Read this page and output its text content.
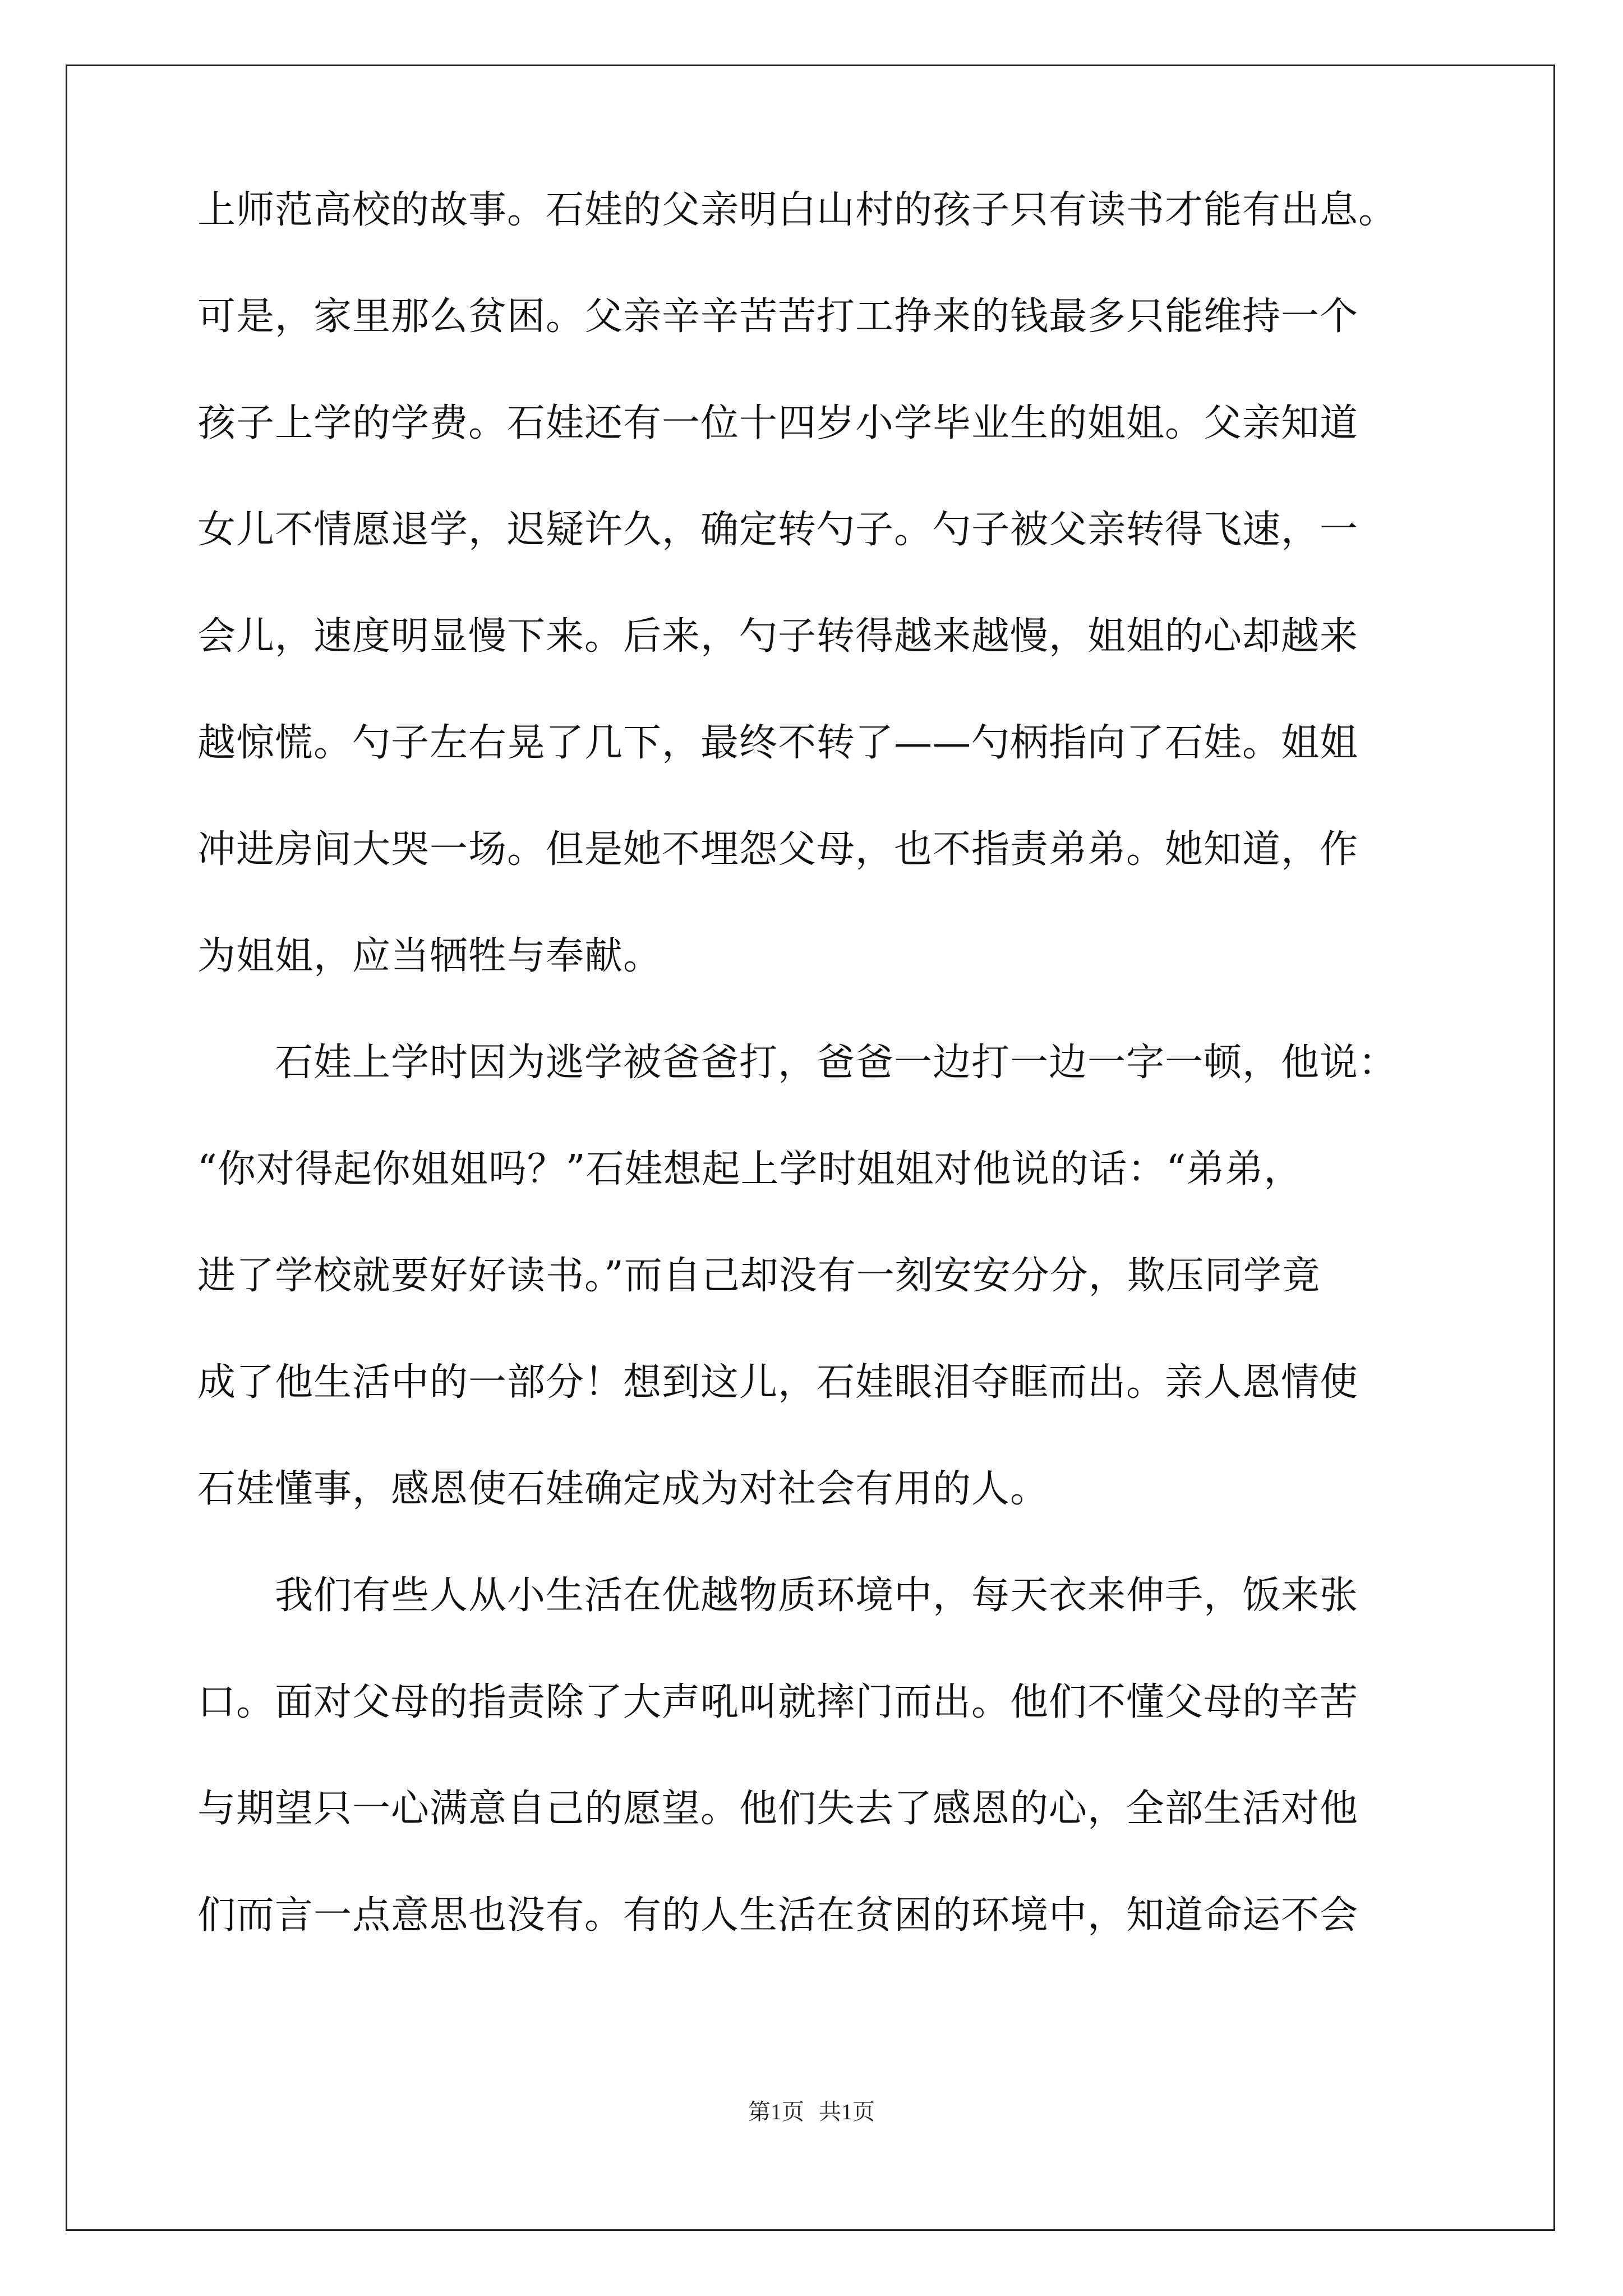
上师范高校的故事。石娃的父亲明白山村的孩子只有读书才能有出息。
可是，家里那么贫困。父亲辛辛苦苦打工挣来的钱最多只能维持一个
孩子上学的学费。石娃还有一位十四岁小学毕业生的姐姐。父亲知道
女儿不情愿退学，迟疑许久，确定转勺子。勺子被父亲转得飞速，一
会儿，速度明显慢下来。后来，勺子转得越来越慢，姐姐的心却越来
越惊慌。勺子左右晃了几下，最终不转了——勺柄指向了石娃。姐姐
冲进房间大哭一场。但是她不埋怨父母，也不指责弟弟。她知道，作
为姐姐，应当牺牲与奉献。
　　石娃上学时因为逃学被爸爸打，爸爸一边打一边一字一顿，他说：
“你对得起你姐姐吗？”石娃想起上学时姐姐对他说的话：“弟弟，
进了学校就要好好读书。”而自己却没有一刻安安分分，欺压同学竟
成了他生活中的一部分！想到这儿，石娃眼泪夺眶而出。亲人恩情使
石娃懂事，感恩使石娃确定成为对社会有用的人。
　　我们有些人从小生活在优越物质环境中，每天衣来伸手，饭来张
口。面对父母的指责除了大声吼叫就摔门而出。他们不懂父母的辛苦
与期望只一心满意自己的愿望。他们失去了感恩的心，全部生活对他
们而言一点意思也没有。有的人生活在贫困的环境中，知道命运不会
第1页 共1页
